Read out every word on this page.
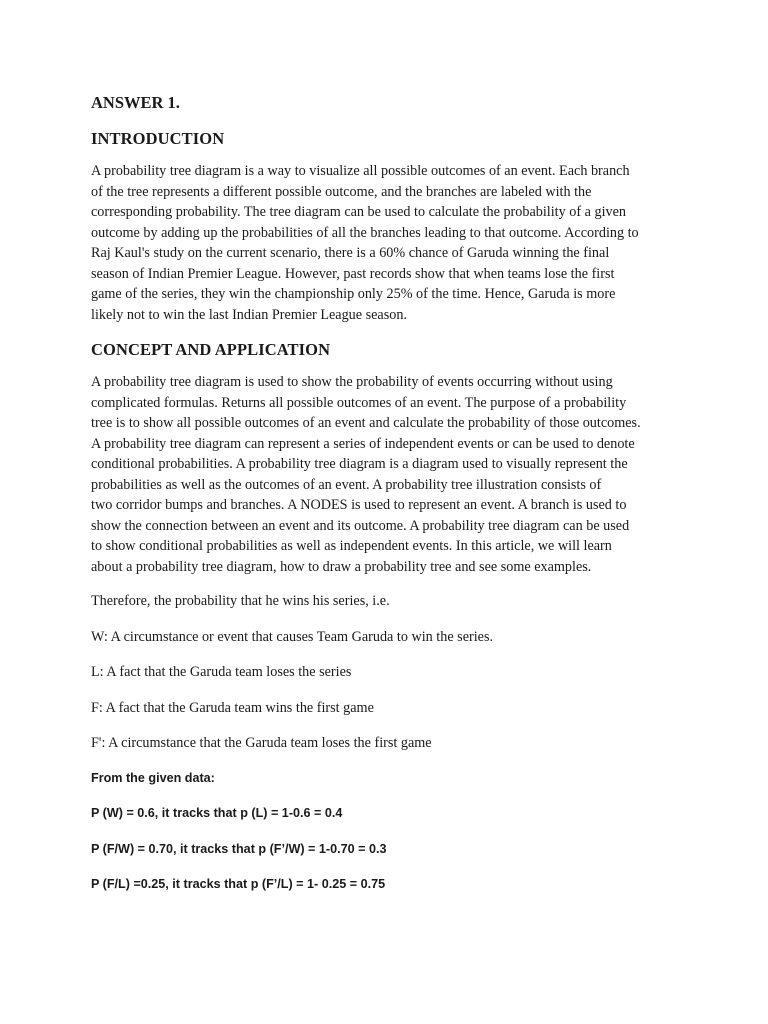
ANSWER 1.
INTRODUCTION

A probability tree diagram is a way to visualize all possible outcomes of an event. Each branch
of the tree represents a different possible outcome, and the branches are labeled with the
corresponding probability. The tree diagram can be used to calculate the probability of a given
outcome by adding up the probabilities of all the branches leading to that outcome. According to
Raj Kaul's study on the current scenario, there is a 60% chance of Garuda winning the final
season of Indian Premier League. However, past records show that when teams lose the first
game of the series, they win the championship only 25% of the time. Hence, Garuda is more
likely not to win the last Indian Premier League season.

CONCEPT AND APPLICATION

A probability tree diagram is used to show the probability of events occurring without using
complicated formulas. Returns all possible outcomes of an event. The purpose of a probability
tree is to show all possible outcomes of an event and calculate the probability of those outcomes.
A probability tree diagram can represent a series of independent events or can be used to denote
conditional probabilities. A probability tree diagram is a diagram used to visually represent the
probabilities as well as the outcomes of an event. A probability tree illustration consists of
two corridor bumps and branches. A NODES is used to represent an event. A branch is used to
show the connection between an event and its outcome. A probability tree diagram can be used
to show conditional probabilities as well as independent events. In this article, we will learn
about a probability tree diagram, how to draw a probability tree and see some examples.

Therefore, the probability that he wins his series, i.e.

W: A circumstance or event that causes Team Garuda to win the series.

L: A fact that the Garuda team loses the series

F: A fact that the Garuda team wins the first game

F': A circumstance that the Garuda team loses the first game

From the given data:

P (W) = 0.6, it tracks that p (L) = 1-0.6 = 0.4

P (F/W) = 0.70, it tracks that p (F’/W) = 1-0.70 = 0.3

P (F/L) =0.25, it tracks that p (F’/L) = 1- 0.25 = 0.75
